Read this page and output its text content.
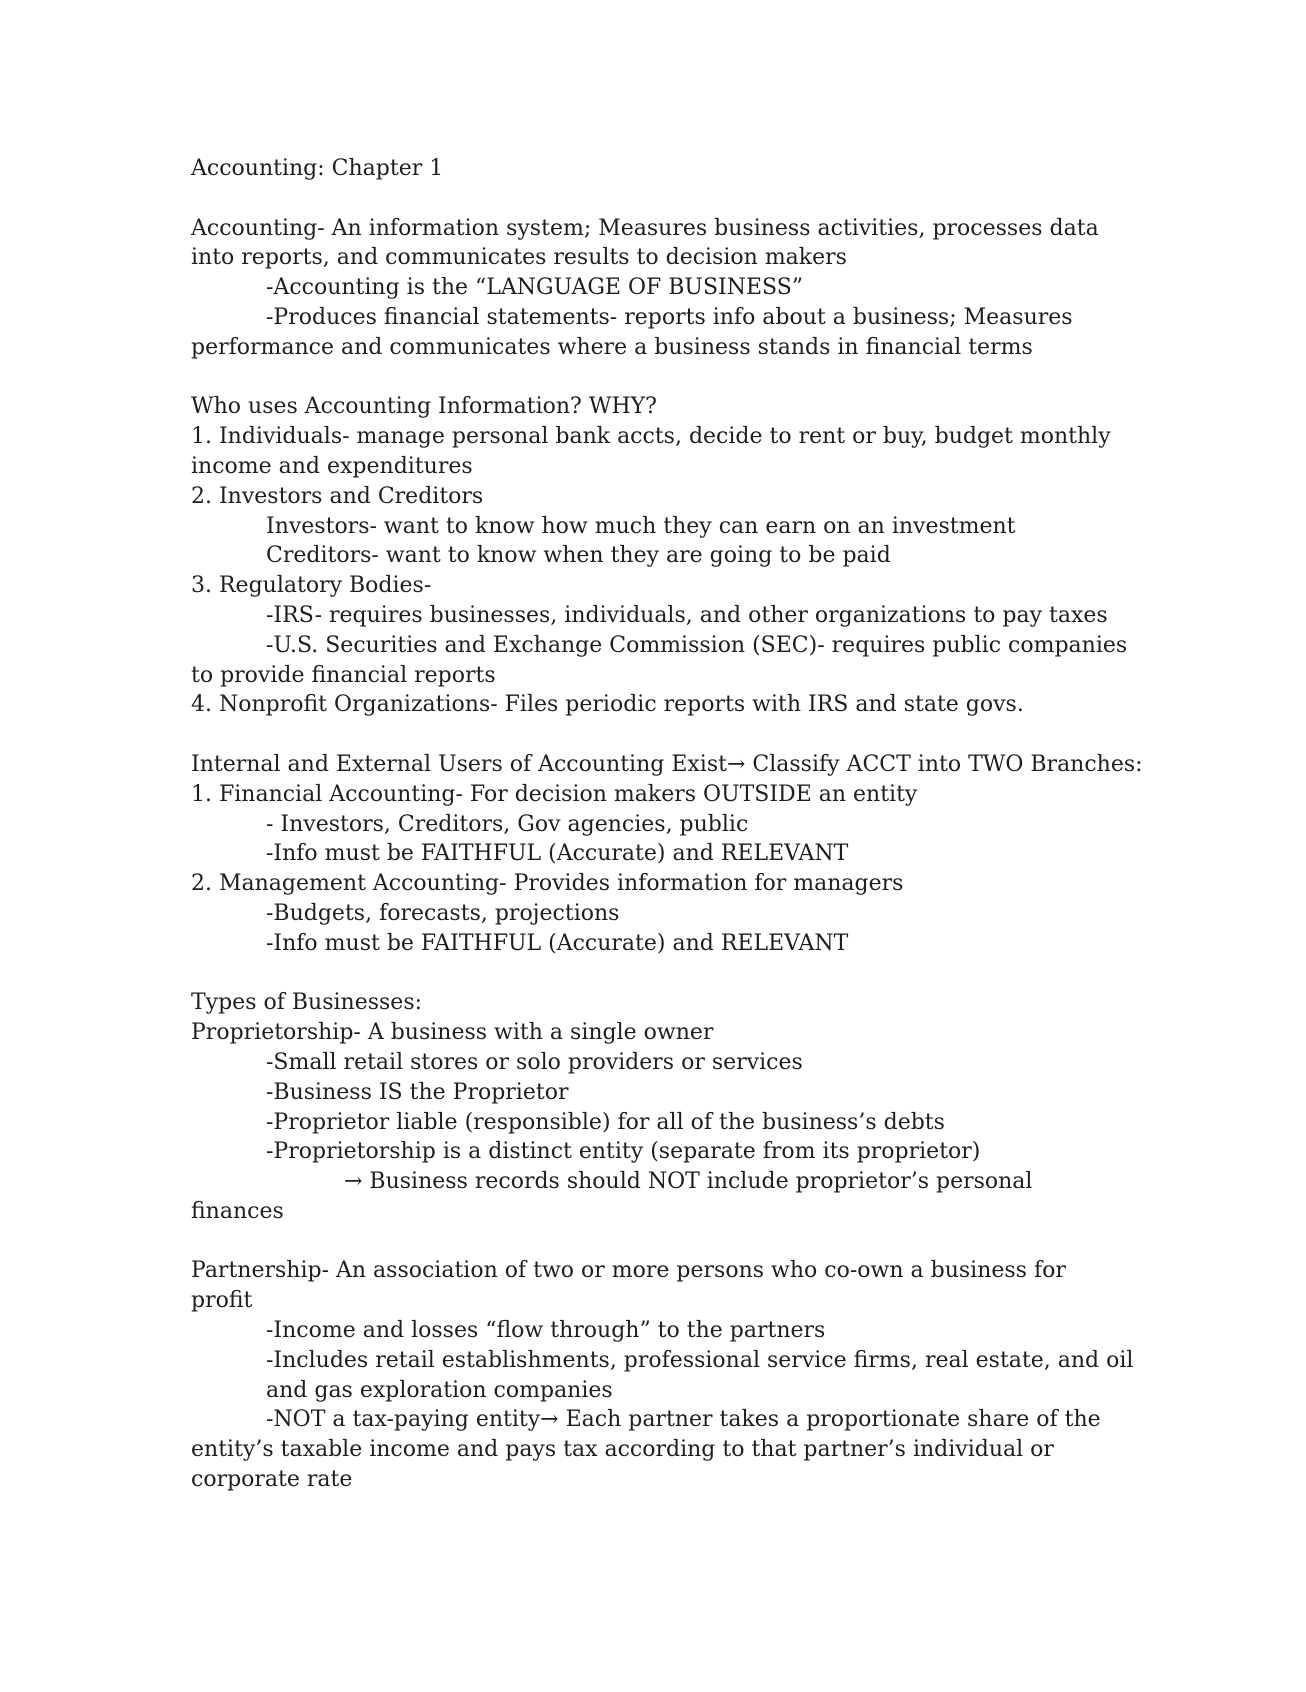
Accounting: Chapter 1

Accounting- An information system; Measures business activities, processes data

into reports, and communicates results to decision makers

-Accounting is the “LANGUAGE OF BUSINESS”

-Produces financial statements- reports info about a business; Measures

performance and communicates where a business stands in financial terms

Who uses Accounting Information? WHY?

1. Individuals- manage personal bank accts, decide to rent or buy, budget monthly

income and expenditures

2. Investors and Creditors

Investors- want to know how much they can earn on an investment

Creditors- want to know when they are going to be paid

3. Regulatory Bodies-

-IRS- requires businesses, individuals, and other organizations to pay taxes

-U.S. Securities and Exchange Commission (SEC)- requires public companies

to provide financial reports

4. Nonprofit Organizations- Files periodic reports with IRS and state govs.

Internal and External Users of Accounting Exist→ Classify ACCT into TWO Branches:

1. Financial Accounting- For decision makers OUTSIDE an entity

- Investors, Creditors, Gov agencies, public

-Info must be FAITHFUL (Accurate) and RELEVANT

2. Management Accounting- Provides information for managers

-Budgets, forecasts, projections

-Info must be FAITHFUL (Accurate) and RELEVANT

Types of Businesses:

Proprietorship- A business with a single owner

-Small retail stores or solo providers or services

-Business IS the Proprietor

-Proprietor liable (responsible) for all of the business’s debts

-Proprietorship is a distinct entity (separate from its proprietor)

→ Business records should NOT include proprietor’s personal

finances

Partnership- An association of two or more persons who co-own a business for

profit

-Income and losses “flow through” to the partners

-Includes retail establishments, professional service firms, real estate, and oil

and gas exploration companies

-NOT a tax-paying entity→ Each partner takes a proportionate share of the

entity’s taxable income and pays tax according to that partner’s individual or

corporate rate
